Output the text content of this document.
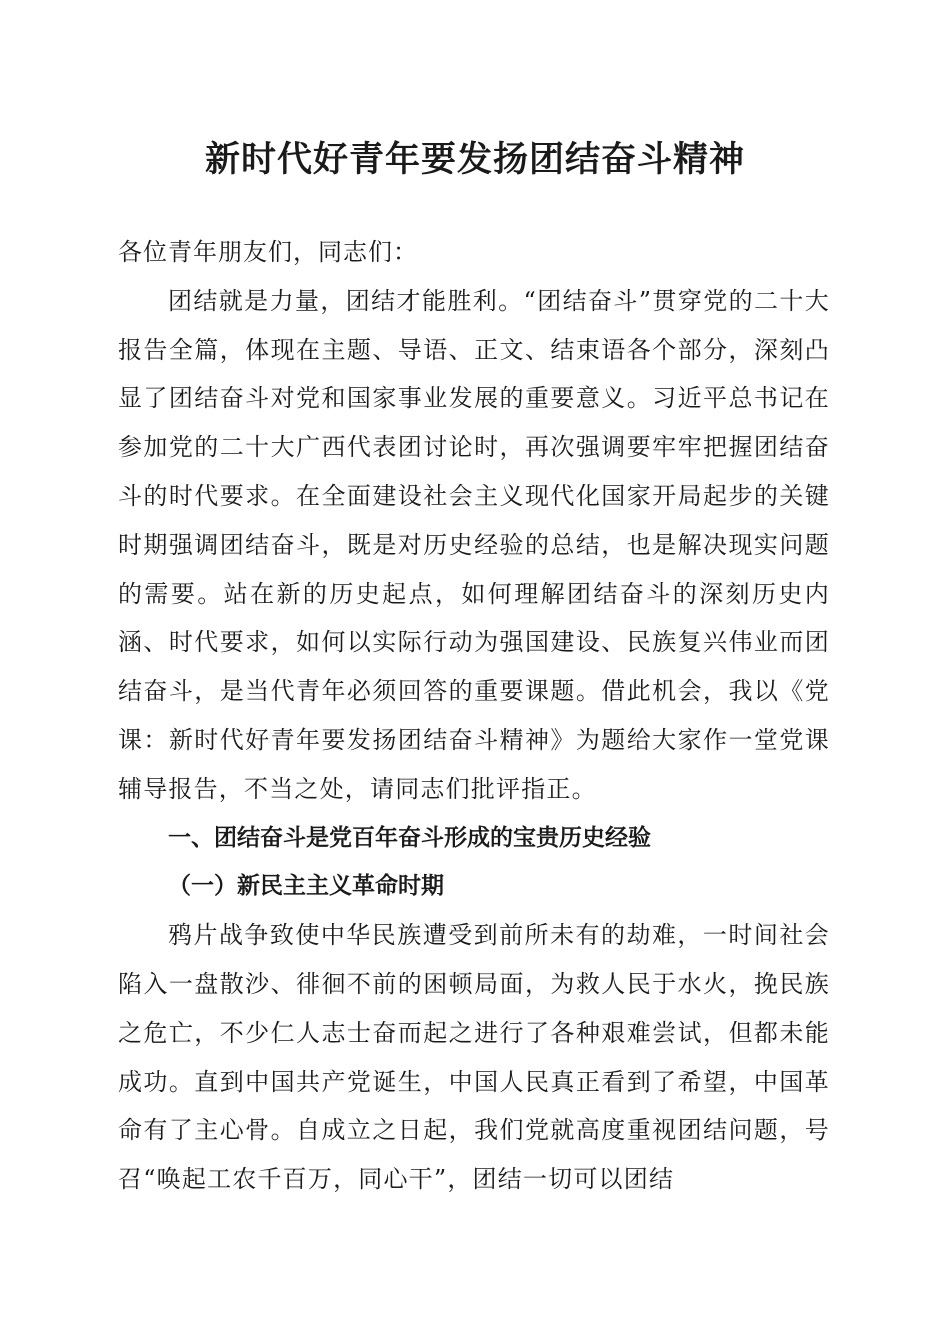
新时代好青年要发扬团结奋斗精神

各位青年朋友们，同志们：

团结就是力量，团结才能胜利。“团结奋斗”贯穿党的二十大报告全篇，体现在主题、导语、正文、结束语各个部分，深刻凸显了团结奋斗对党和国家事业发展的重要意义。习近平总书记在参加党的二十大广西代表团讨论时，再次强调要牢牢把握团结奋斗的时代要求。在全面建设社会主义现代化国家开局起步的关键时期强调团结奋斗，既是对历史经验的总结，也是解决现实问题的需要。站在新的历史起点，如何理解团结奋斗的深刻历史内涵、时代要求，如何以实际行动为强国建设、民族复兴伟业而团结奋斗，是当代青年必须回答的重要课题。借此机会，我以《党课：新时代好青年要发扬团结奋斗精神》为题给大家作一堂党课辅导报告，不当之处，请同志们批评指正。

一、团结奋斗是党百年奋斗形成的宝贵历史经验

（一）新民主主义革命时期

鸦片战争致使中华民族遭受到前所未有的劫难，一时间社会陷入一盘散沙、徘徊不前的困顿局面，为救人民于水火，挽民族之危亡，不少仁人志士奋而起之进行了各种艰难尝试，但都未能成功。直到中国共产党诞生，中国人民真正看到了希望，中国革命有了主心骨。自成立之日起，我们党就高度重视团结问题，号召“唤起工农千百万，同心干”，团结一切可以团结
